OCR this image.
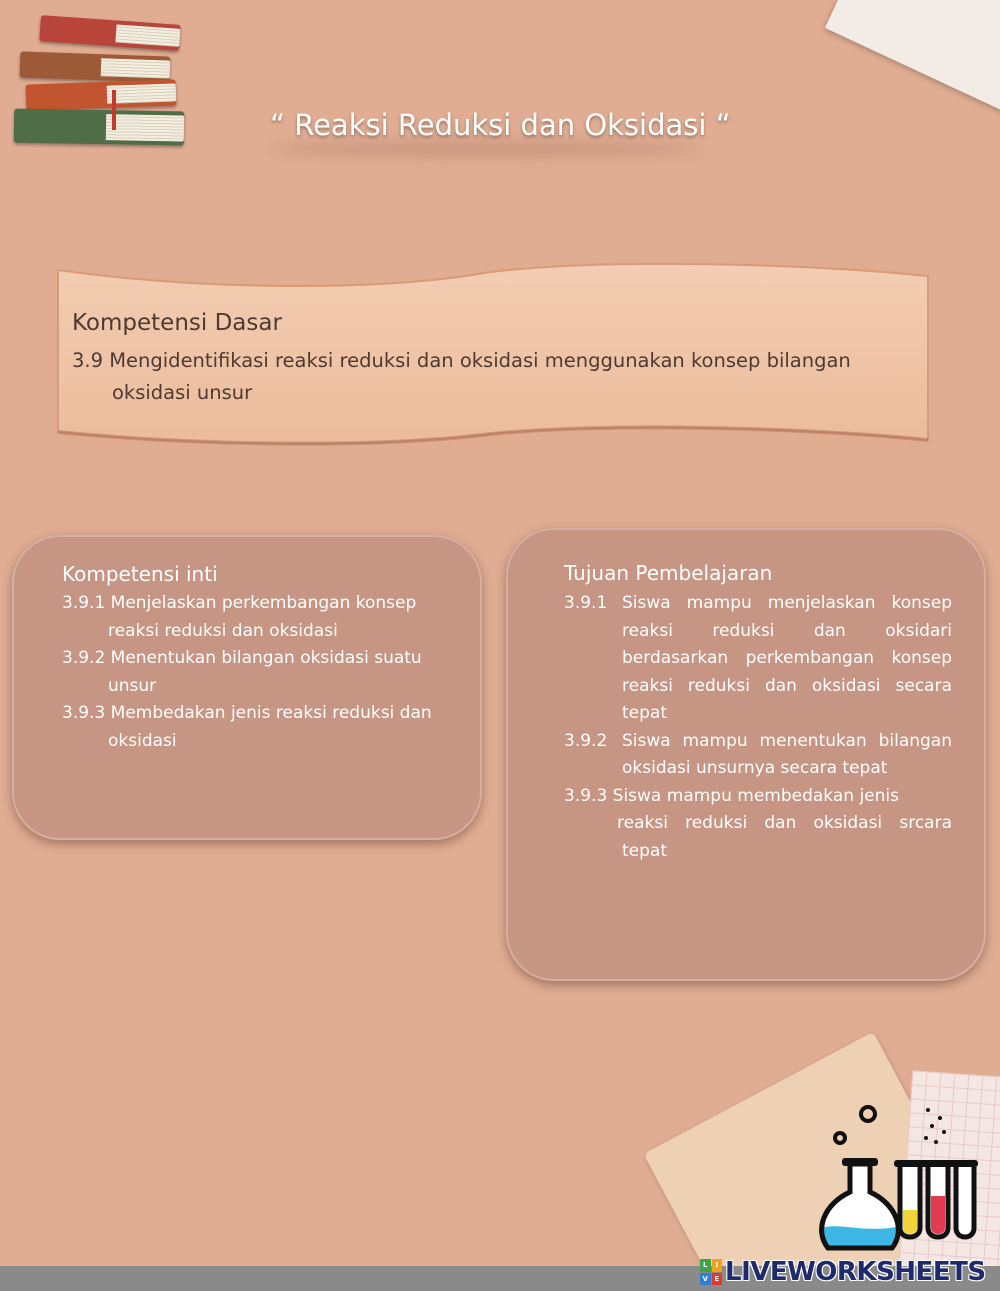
“ Reaksi Reduksi dan Oksidasi “
Kompetensi Dasar
3.9 Mengidentifikasi reaksi reduksi dan oksidasi menggunakan konsep bilangan
oksidasi unsur
Kompetensi inti
3.9.1 Menjelaskan perkembangan konsep
reaksi reduksi dan oksidasi
3.9.2 Menentukan bilangan oksidasi suatu
unsur
3.9.3 Membedakan jenis reaksi reduksi dan
oksidasi
Tujuan Pembelajaran
3.9.1 Siswa mampu menjelaskan konsep
reaksi reduksi dan oksidari
berdasarkan perkembangan konsep
reaksi reduksi dan oksidasi secara
tepat
3.9.2 Siswa mampu menentukan bilangan
oksidasi unsurnya secara tepat
3.9.3 Siswa mampu membedakan jenis
reaksi reduksi dan oksidasi srcara
tepat
L	I
V E LIVEWORKSHEETS
